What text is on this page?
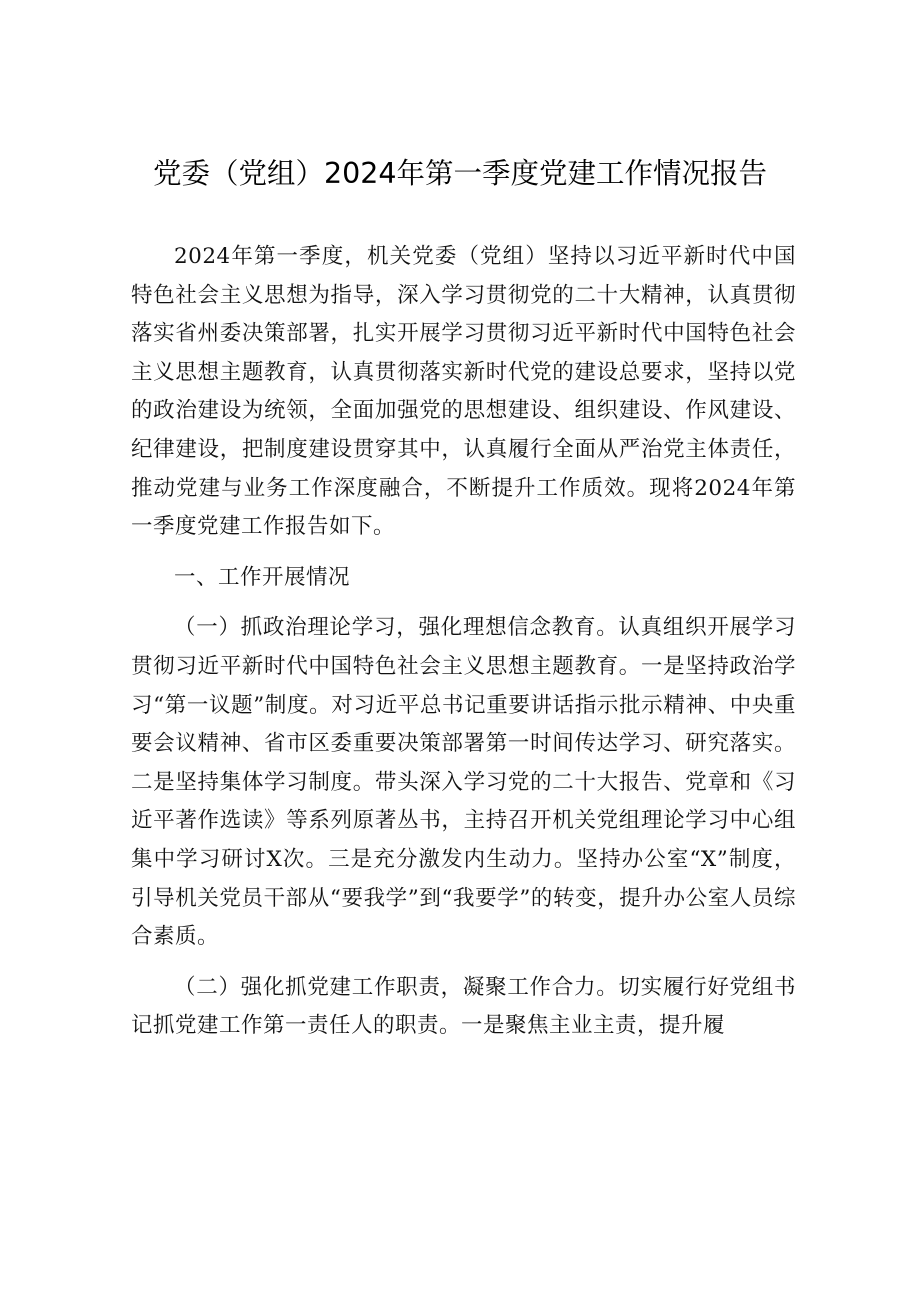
党委（党组）2024年第一季度党建工作情况报告

2024年第一季度，机关党委（党组）坚持以习近平新时代中国特色社会主义思想为指导，深入学习贯彻党的二十大精神，认真贯彻落实省州委决策部署，扎实开展学习贯彻习近平新时代中国特色社会主义思想主题教育，认真贯彻落实新时代党的建设总要求，坚持以党的政治建设为统领，全面加强党的思想建设、组织建设、作风建设、纪律建设，把制度建设贯穿其中，认真履行全面从严治党主体责任，推动党建与业务工作深度融合，不断提升工作质效。现将2024年第一季度党建工作报告如下。

一、工作开展情况

（一）抓政治理论学习，强化理想信念教育。认真组织开展学习贯彻习近平新时代中国特色社会主义思想主题教育。一是坚持政治学习“第一议题”制度。对习近平总书记重要讲话指示批示精神、中央重要会议精神、省市区委重要决策部署第一时间传达学习、研究落实。二是坚持集体学习制度。带头深入学习党的二十大报告、党章和《习近平著作选读》等系列原著丛书，主持召开机关党组理论学习中心组集中学习研讨X次。三是充分激发内生动力。坚持办公室“X”制度，引导机关党员干部从“要我学”到“我要学”的转变，提升办公室人员综合素质。

（二）强化抓党建工作职责，凝聚工作合力。切实履行好党组书记抓党建工作第一责任人的职责。一是聚焦主业主责，提升履
